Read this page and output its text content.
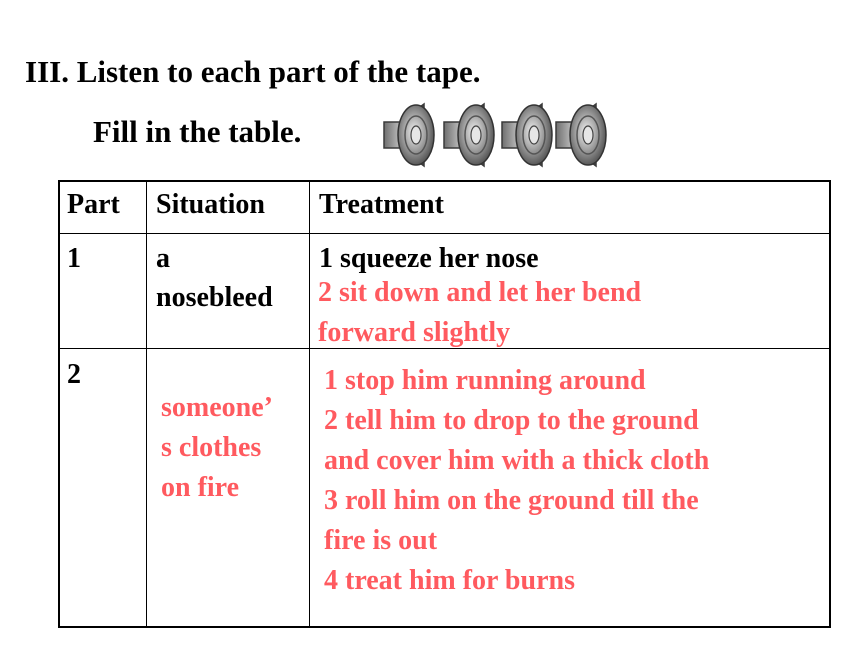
III. Listen to each part of the tape.
Fill in the table.
Part Situation Treatment
1	a
nosebleed
1 squeeze her nose
2 sit down and let her bend
forward slightly
2
someone’
s clothes
on fire
1 stop him running around
2 tell him to drop to the ground
and cover him with a thick cloth
3 roll him on the ground till the
fire is out
4 treat him for burns
